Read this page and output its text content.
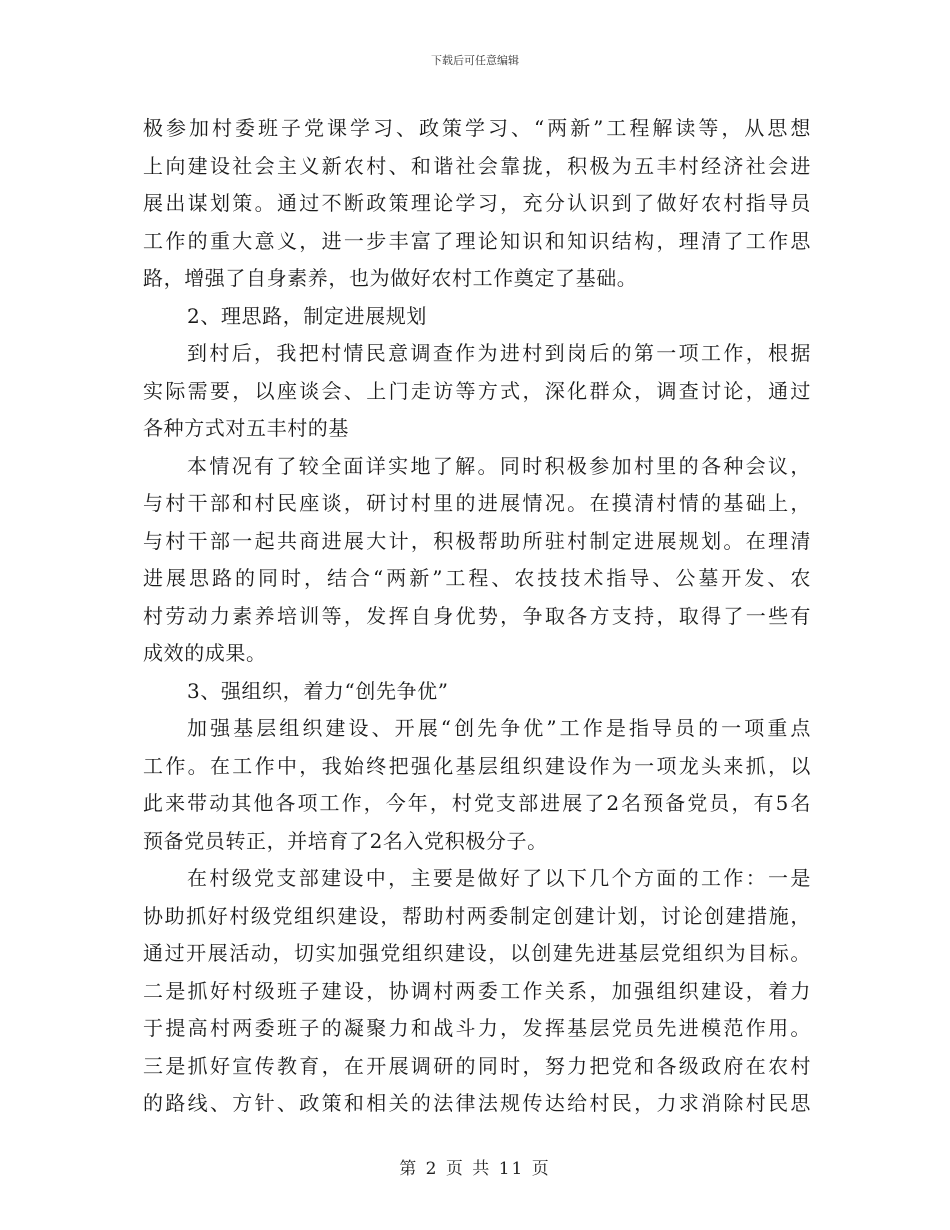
下载后可任意编辑
极参加村委班子党课学习、政策学习、“两新”工程解读等，从思想
上向建设社会主义新农村、和谐社会靠拢，积极为五丰村经济社会进
展出谋划策。通过不断政策理论学习，充分认识到了做好农村指导员
工作的重大意义，进一步丰富了理论知识和知识结构，理清了工作思
路，增强了自身素养，也为做好农村工作奠定了基础。
2、理思路，制定进展规划
到村后，我把村情民意调查作为进村到岗后的第一项工作，根据
实际需要，以座谈会、上门走访等方式，深化群众，调查讨论，通过
各种方式对五丰村的基
本情况有了较全面详实地了解。同时积极参加村里的各种会议，
与村干部和村民座谈，研讨村里的进展情况。在摸清村情的基础上，
与村干部一起共商进展大计，积极帮助所驻村制定进展规划。在理清
进展思路的同时，结合“两新”工程、农技技术指导、公墓开发、农
村劳动力素养培训等，发挥自身优势，争取各方支持，取得了一些有
成效的成果。
3、强组织，着力“创先争优”
加强基层组织建设、开展“创先争优”工作是指导员的一项重点
工作。在工作中，我始终把强化基层组织建设作为一项龙头来抓，以
此来带动其他各项工作，今年，村党支部进展了2名预备党员，有5名
预备党员转正，并培育了2名入党积极分子。
在村级党支部建设中，主要是做好了以下几个方面的工作：一是
协助抓好村级党组织建设，帮助村两委制定创建计划，讨论创建措施，
通过开展活动，切实加强党组织建设，以创建先进基层党组织为目标。
二是抓好村级班子建设，协调村两委工作关系，加强组织建设，着力
于提高村两委班子的凝聚力和战斗力，发挥基层党员先进模范作用。
三是抓好宣传教育，在开展调研的同时，努力把党和各级政府在农村
的路线、方针、政策和相关的法律法规传达给村民，力求消除村民思
第 2 页 共 11 页
